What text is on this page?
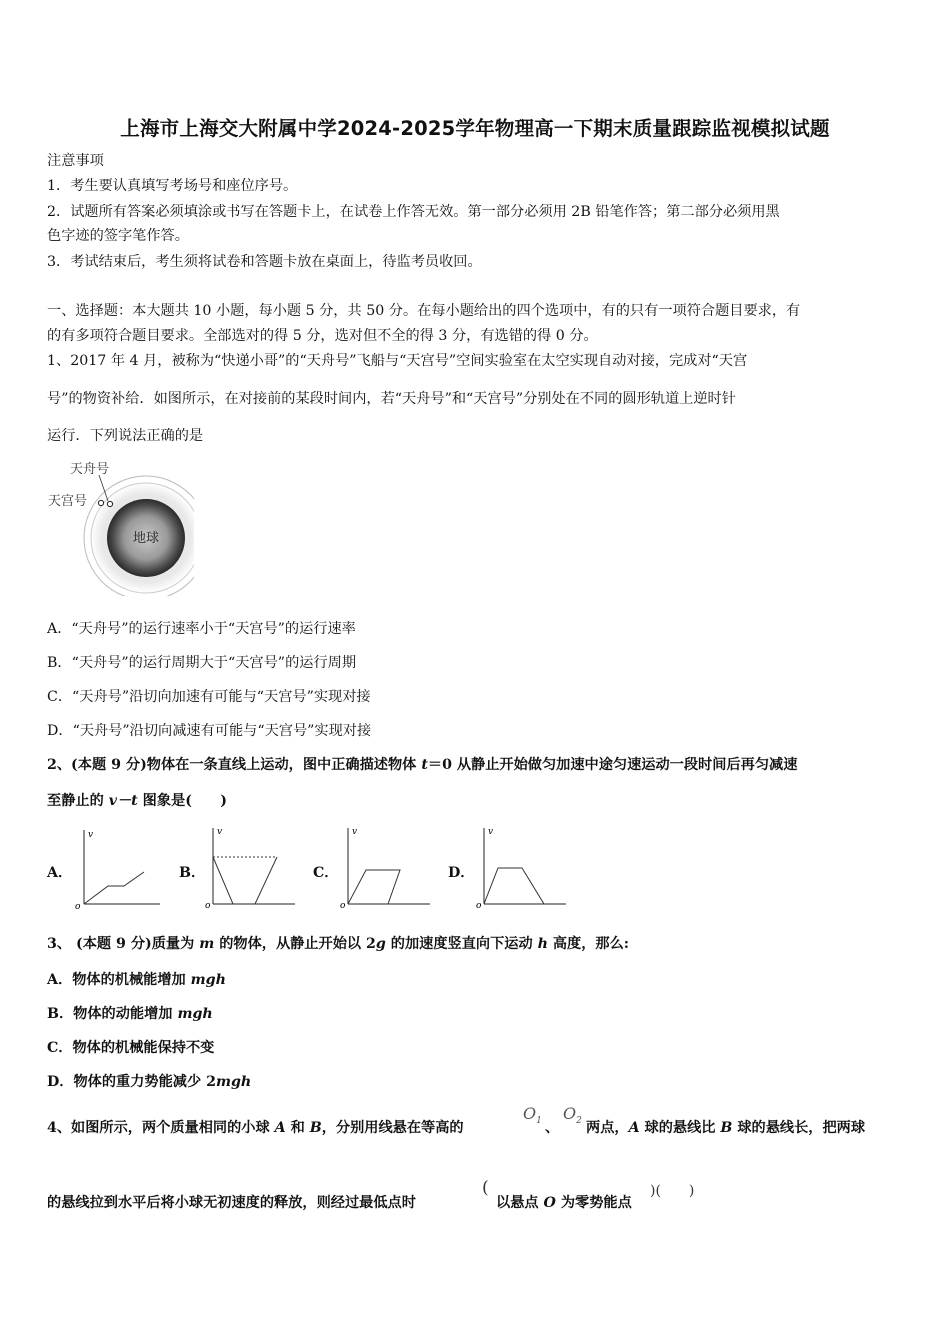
上海市上海交大附属中学2024-2025学年物理高一下期末质量跟踪监视模拟试题
注意事项
1．考生要认真填写考场号和座位序号。
2．试题所有答案必须填涂或书写在答题卡上，在试卷上作答无效。第一部分必须用 2B 铅笔作答；第二部分必须用黑
色字迹的签字笔作答。
3．考试结束后，考生须将试卷和答题卡放在桌面上，待监考员收回。
一、选择题：本大题共 10 小题，每小题 5 分，共 50 分。在每小题给出的四个选项中，有的只有一项符合题目要求，有
的有多项符合题目要求。全部选对的得 5 分，选对但不全的得 3 分，有选错的得 0 分。
1、2017 年 4 月，被称为“快递小哥”的“天舟号”飞船与“天宫号”空间实验室在太空实现自动对接，完成对“天宫
号”的物资补给．如图所示，在对接前的某段时间内，若“天舟号”和“天宫号”分别处在不同的圆形轨道上逆时针
运行．下列说法正确的是
天舟号
天宫号
地球
A．“天舟号”的运行速率小于“天宫号”的运行速率
B．“天舟号”的运行周期大于“天宫号”的运行周期
C．“天舟号”沿切向加速有可能与“天宫号”实现对接
D．“天舟号”沿切向减速有可能与“天宫号”实现对接
2、(本题 9 分)物体在一条直线上运动，图中正确描述物体 t＝0 从静止开始做匀加速中途匀速运动一段时间后再匀减速
至静止的 v－t 图象是(　　)
A．
v
o
B．
v
o
C．
v
o
D．
v
o
3、 (本题 9 分)质量为 m 的物体，从静止开始以 2g 的加速度竖直向下运动 h 高度，那么:
A．物体的机械能增加 mgh
B．物体的动能增加 mgh
C．物体的机械能保持不变
D．物体的重力势能减少 2mgh
4、如图所示，两个质量相同的小球 A 和 B，分别用线悬在等高的
$O_1$ 、
$O_2$ 两点，A 球的悬线比 B 球的悬线长，把两球
的悬线拉到水平后将小球无初速度的释放，则经过最低点时
(
以悬点 O 为零势能点
)(　　)
